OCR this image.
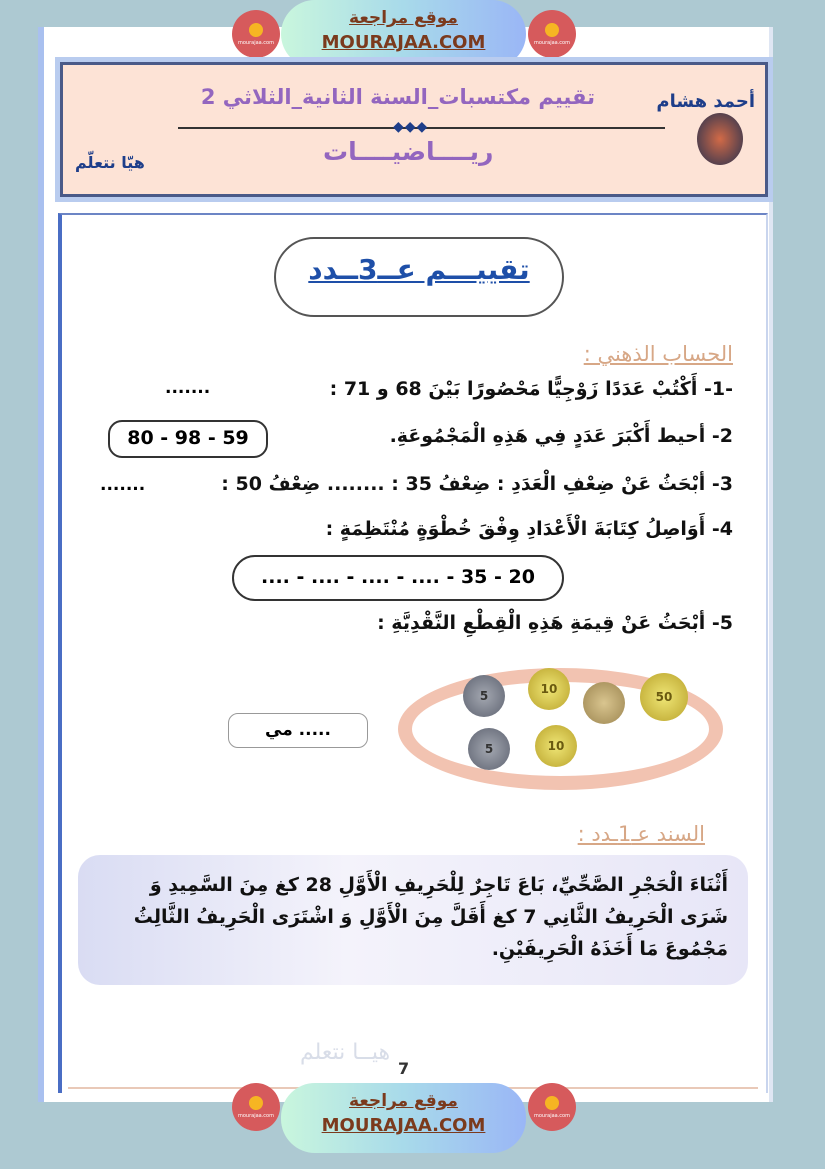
mourajaa.com
موقع مراجعة
MOURAJAA.COM	mourajaa.com
تقييم مكتسبات_السنة الثانية_الثلاثي 2	أحمد هشام
◆◆◆
ريــــاضيــــات
هيّا نتعلّم
تقييـــم عــ3ــدد
الحساب الذهني :
-1- أَكْتُبْ عَدَدًا زَوْجِيًّا مَحْصُورًا بَيْنَ 68 و 71 :
.......
2- أحيط أَكْبَرَ عَدَدٍ فِي هَذِهِ الْمَجْمُوعَةِ.
80 - 98 - 59
3- أبْحَثُ عَنْ ضِعْفِ الْعَدَدِ : ضِعْفُ 35 : ........ ضِعْفُ 50 :
.......
4- أَوَاصِلُ كِتَابَةَ الْأَعْدَادِ وِفْقَ خُطْوَةٍ مُنْتَظِمَةٍ :
.... - .... - .... - .... - 35 - 20
5- أبْحَثُ عَنْ قِيمَةِ هَذِهِ الْقِطْعِ النَّقْدِيَّةِ :
5	10
50
5	10
..... مي
السند عـ1ـدد :
أَثْنَاءَ الْحَجْرِ الصَّحِّيِّ، بَاعَ تَاجِرٌ لِلْحَرِيفِ الْأَوَّلِ 28 كغ مِنَ السَّمِيدِ وَ شَرَى الْحَرِيفُ الثَّانِي 7 كغ أَقَلَّ مِنَ الْأَوَّلِ وَ اشْتَرَى الْحَرِيفُ الثَّالِثُ مَجْمُوعَ مَا أَخَذَهُ الْحَرِيفَيْنِ.
هيــا نتعلم
7
mourajaa.com
موقع مراجعة
MOURAJAA.COM	mourajaa.com
